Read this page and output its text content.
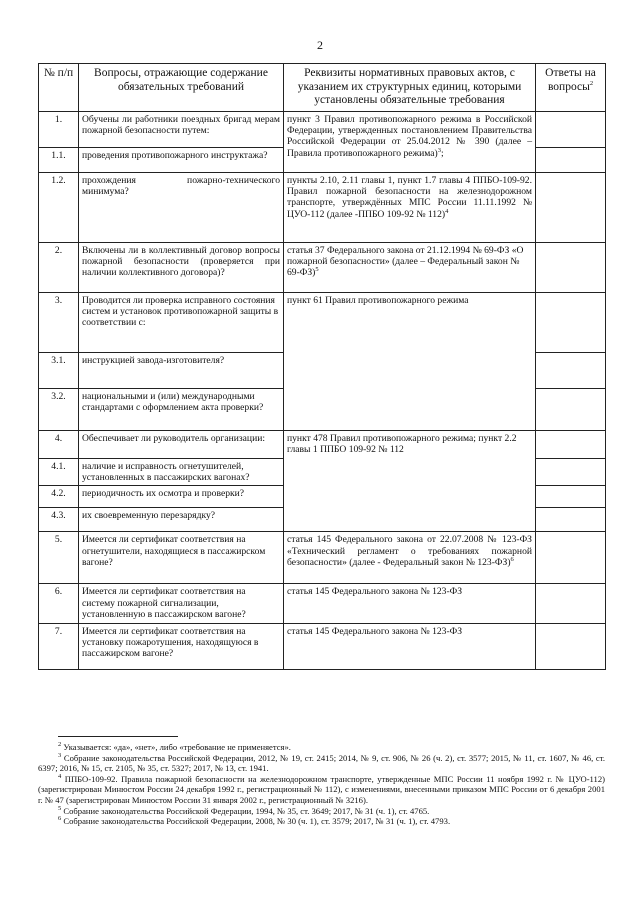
2
№ п/п	Вопросы, отражающие содержание обязательных требований	Реквизиты нормативных правовых актов, с указанием их структурных единиц, которыми установлены обязательные требования	Ответы на вопросы$^2$
1.	Обучены ли работники поездных бригад мерам пожарной безопасности путем:	пункт 3 Правил противопожарного режима в Российской Федерации, утвержденных постановлением Правительства Российской Федерации от 25.04.2012 № 390 (далее – Правила противопожарного режима)$^3$;	
1.1.	проведения противопожарного инструктажа?		
1.2.	прохождения пожарно-технического минимума?	пункты 2.10, 2.11 главы 1, пункт 1.7 главы 4 ППБО-109-92. Правил пожарной безопасности на железнодорожном транспорте, утверждённых МПС России 11.11.1992 № ЦУО-112 (далее -ППБО 109-92 № 112)$^4$	
2.	Включены ли в коллективный договор вопросы пожарной безопасности (проверяется при наличии коллективного договора)?	статья 37 Федерального закона от 21.12.1994 № 69-ФЗ «О пожарной безопасности» (далее – Федеральный закон № 69-ФЗ)$^5$	
3.	Проводится ли проверка исправного состояния систем и установок противопожарной защиты в соответствии с:	пункт 61 Правил противопожарного режима	
3.1.	инструкцией завода-изготовителя?		
3.2.	национальными и (или) международными стандартами с оформлением акта проверки?		
4.	Обеспечивает ли руководитель организации:	пункт 478 Правил противопожарного режима; пункт 2.2 главы 1 ППБО 109-92 № 112	
4.1.	наличие и исправность огнетушителей, установленных в пассажирских вагонах?		
4.2.	периодичность их осмотра и проверки?		
4.3.	их своевременную перезарядку?		
5.	Имеется ли сертификат соответствия на огнетушители, находящиеся в пассажирском вагоне?	статья 145 Федерального закона от 22.07.2008 № 123-ФЗ «Технический регламент о требованиях пожарной безопасности» (далее - Федеральный закон № 123-ФЗ)$^6$	
6.	Имеется ли сертификат соответствия на систему пожарной сигнализации, установленную в пассажирском вагоне?	статья 145 Федерального закона № 123-ФЗ	
7.	Имеется ли сертификат соответствия на установку пожаротушения, находящуюся в пассажирском вагоне?	статья 145 Федерального закона № 123-ФЗ	

$^2$ Указывается: «да», «нет», либо «требование не применяется».

$^3$ Собрание законодательства Российской Федерации, 2012, № 19, ст. 2415; 2014, № 9, ст. 906, № 26 (ч. 2), ст. 3577; 2015, № 11, ст. 1607, № 46, ст. 6397; 2016, № 15, ст. 2105, № 35, ст. 5327; 2017, № 13, ст. 1941.

$^4$ ППБО-109-92. Правила пожарной безопасности на железнодорожном транспорте, утвержденные МПС России 11 ноября 1992 г. № ЦУО-112) (зарегистрирован Минюстом России 24 декабря 1992 г., регистрационный № 112), с изменениями, внесенными приказом МПС России от 6 декабря 2001 г. № 47 (зарегистрирован Минюстом России 31 января 2002 г., регистрационный № 3216).

$^5$ Собрание законодательства Российской Федерации, 1994, № 35, ст. 3649; 2017, № 31 (ч. 1), ст. 4765.

$^6$ Собрание законодательства Российской Федерации, 2008, № 30 (ч. 1), ст. 3579; 2017, № 31 (ч. 1), ст. 4793.
